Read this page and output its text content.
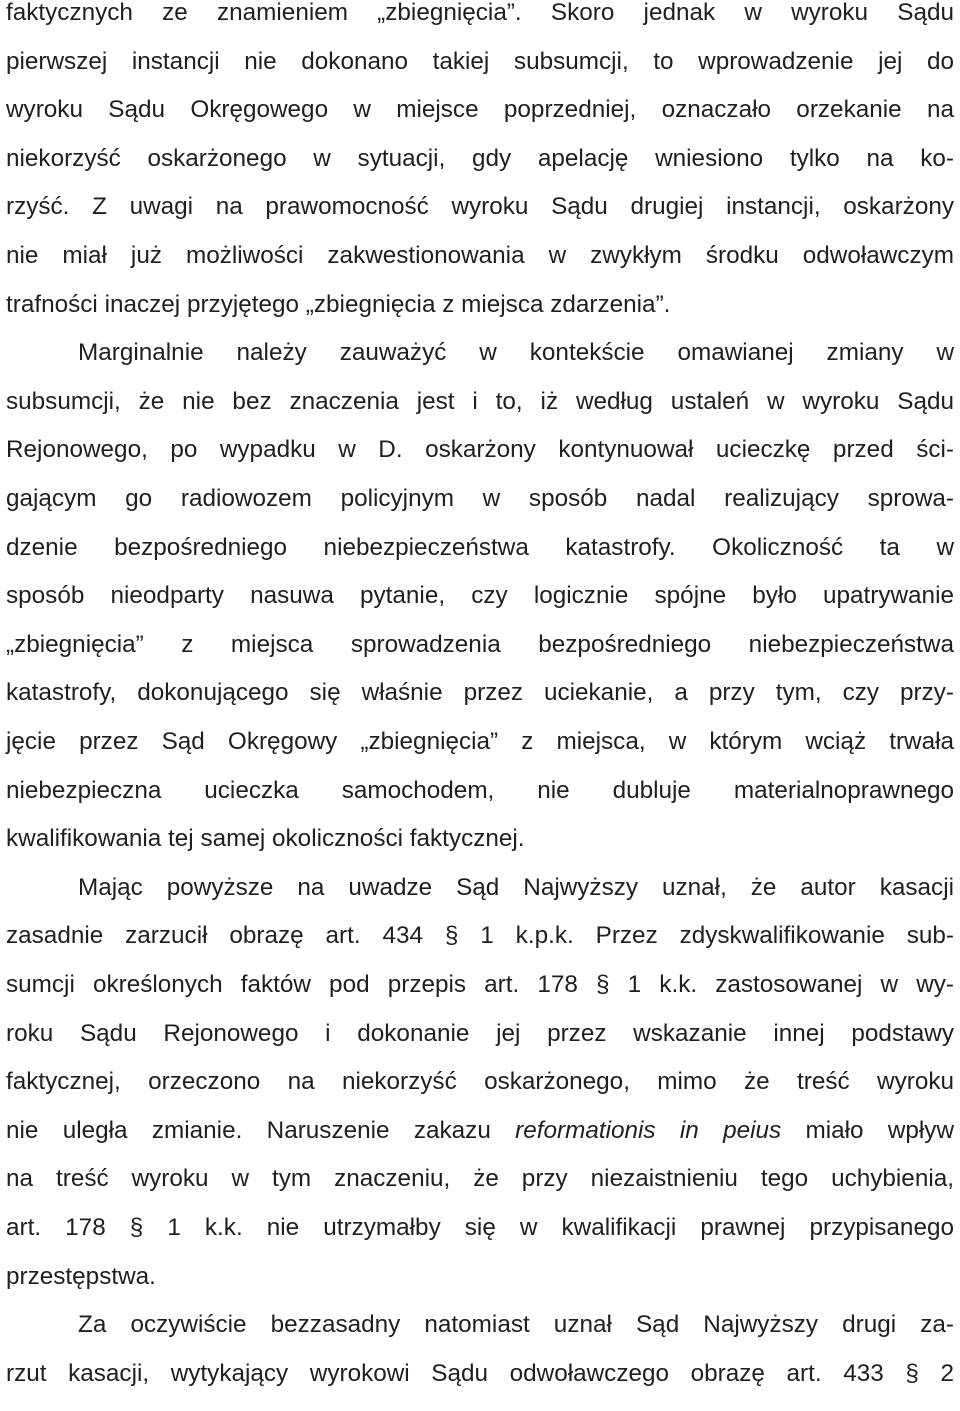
faktycznych ze znamieniem „zbiegnięcia”. Skoro jednak w wyroku Sądu
pierwszej instancji nie dokonano takiej subsumcji, to wprowadzenie jej do
wyroku Sądu Okręgowego w miejsce poprzedniej, oznaczało orzekanie na
niekorzyść oskarżonego w sytuacji, gdy apelację wniesiono tylko na ko-
rzyść. Z uwagi na prawomocność wyroku Sądu drugiej instancji, oskarżony
nie miał już możliwości zakwestionowania w zwykłym środku odwoławczym
trafności inaczej przyjętego „zbiegnięcia z miejsca zdarzenia”.
Marginalnie należy zauważyć w kontekście omawianej zmiany w
subsumcji, że nie bez znaczenia jest i to, iż według ustaleń w wyroku Sądu
Rejonowego, po wypadku w D. oskarżony kontynuował ucieczkę przed ści-
gającym go radiowozem policyjnym w sposób nadal realizujący sprowa-
dzenie bezpośredniego niebezpieczeństwa katastrofy. Okoliczność ta w
sposób nieodparty nasuwa pytanie, czy logicznie spójne było upatrywanie
„zbiegnięcia” z miejsca sprowadzenia bezpośredniego niebezpieczeństwa
katastrofy, dokonującego się właśnie przez uciekanie, a przy tym, czy przy-
jęcie przez Sąd Okręgowy „zbiegnięcia” z miejsca, w którym wciąż trwała
niebezpieczna ucieczka samochodem, nie dubluje materialnoprawnego
kwalifikowania tej samej okoliczności faktycznej.
Mając powyższe na uwadze Sąd Najwyższy uznał, że autor kasacji
zasadnie zarzucił obrazę art. 434 § 1 k.p.k. Przez zdyskwalifikowanie sub-
sumcji określonych faktów pod przepis art. 178 § 1 k.k. zastosowanej w wy-
roku Sądu Rejonowego i dokonanie jej przez wskazanie innej podstawy
faktycznej, orzeczono na niekorzyść oskarżonego, mimo że treść wyroku
nie uległa zmianie. Naruszenie zakazu reformationis in peius miało wpływ
na treść wyroku w tym znaczeniu, że przy niezaistnieniu tego uchybienia,
art. 178 § 1 k.k. nie utrzymałby się w kwalifikacji prawnej przypisanego
przestępstwa.
Za oczywiście bezzasadny natomiast uznał Sąd Najwyższy drugi za-
rzut kasacji, wytykający wyrokowi Sądu odwoławczego obrazę art. 433 § 2
